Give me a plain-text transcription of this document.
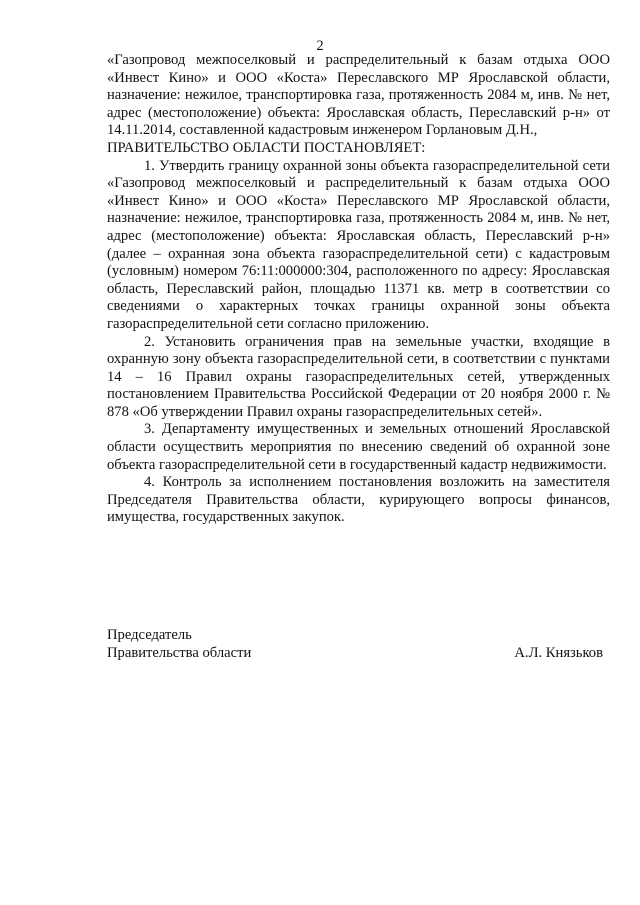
2

«Газопровод межпоселковый и распределительный к базам отдыха ООО «Инвест Кино» и ООО «Коста» Переславского МР Ярославской области, назначение: нежилое, транспортировка газа, протяженность 2084 м, инв. № нет, адрес (местоположение) объекта: Ярославская область, Переславский р-н» от 14.11.2014, составленной кадастровым инженером Горлановым Д.Н.,

ПРАВИТЕЛЬСТВО ОБЛАСТИ ПОСТАНОВЛЯЕТ:

1. Утвердить границу охранной зоны объекта газораспределительной сети «Газопровод межпоселковый и распределительный к базам отдыха ООО «Инвест Кино» и ООО «Коста» Переславского МР Ярославской области, назначение: нежилое, транспортировка газа, протяженность 2084 м, инв. № нет, адрес (местоположение) объекта: Ярославская область, Переславский р-н» (далее – охранная зона объекта газораспределительной сети) с кадастровым (условным) номером 76:11:000000:304, расположенного по адресу: Ярославская область, Переславский район, площадью 11371 кв. метр в соответствии со сведениями о характерных точках границы охранной зоны объекта газораспределительной сети согласно приложению.

2. Установить ограничения прав на земельные участки, входящие в охранную зону объекта газораспределительной сети, в соответствии с пунктами 14 – 16 Правил охраны газораспределительных сетей, утвержденных постановлением Правительства Российской Федерации от 20 ноября 2000 г. № 878 «Об утверждении Правил охраны газораспределительных сетей».

3. Департаменту имущественных и земельных отношений Ярославской области осуществить мероприятия по внесению сведений об охранной зоне объекта газораспределительной сети в государственный кадастр недвижимости.

4. Контроль за исполнением постановления возложить на заместителя Председателя Правительства области, курирующего вопросы финансов, имущества, государственных закупок.

Председатель
Правительства области	А.Л. Князьков
